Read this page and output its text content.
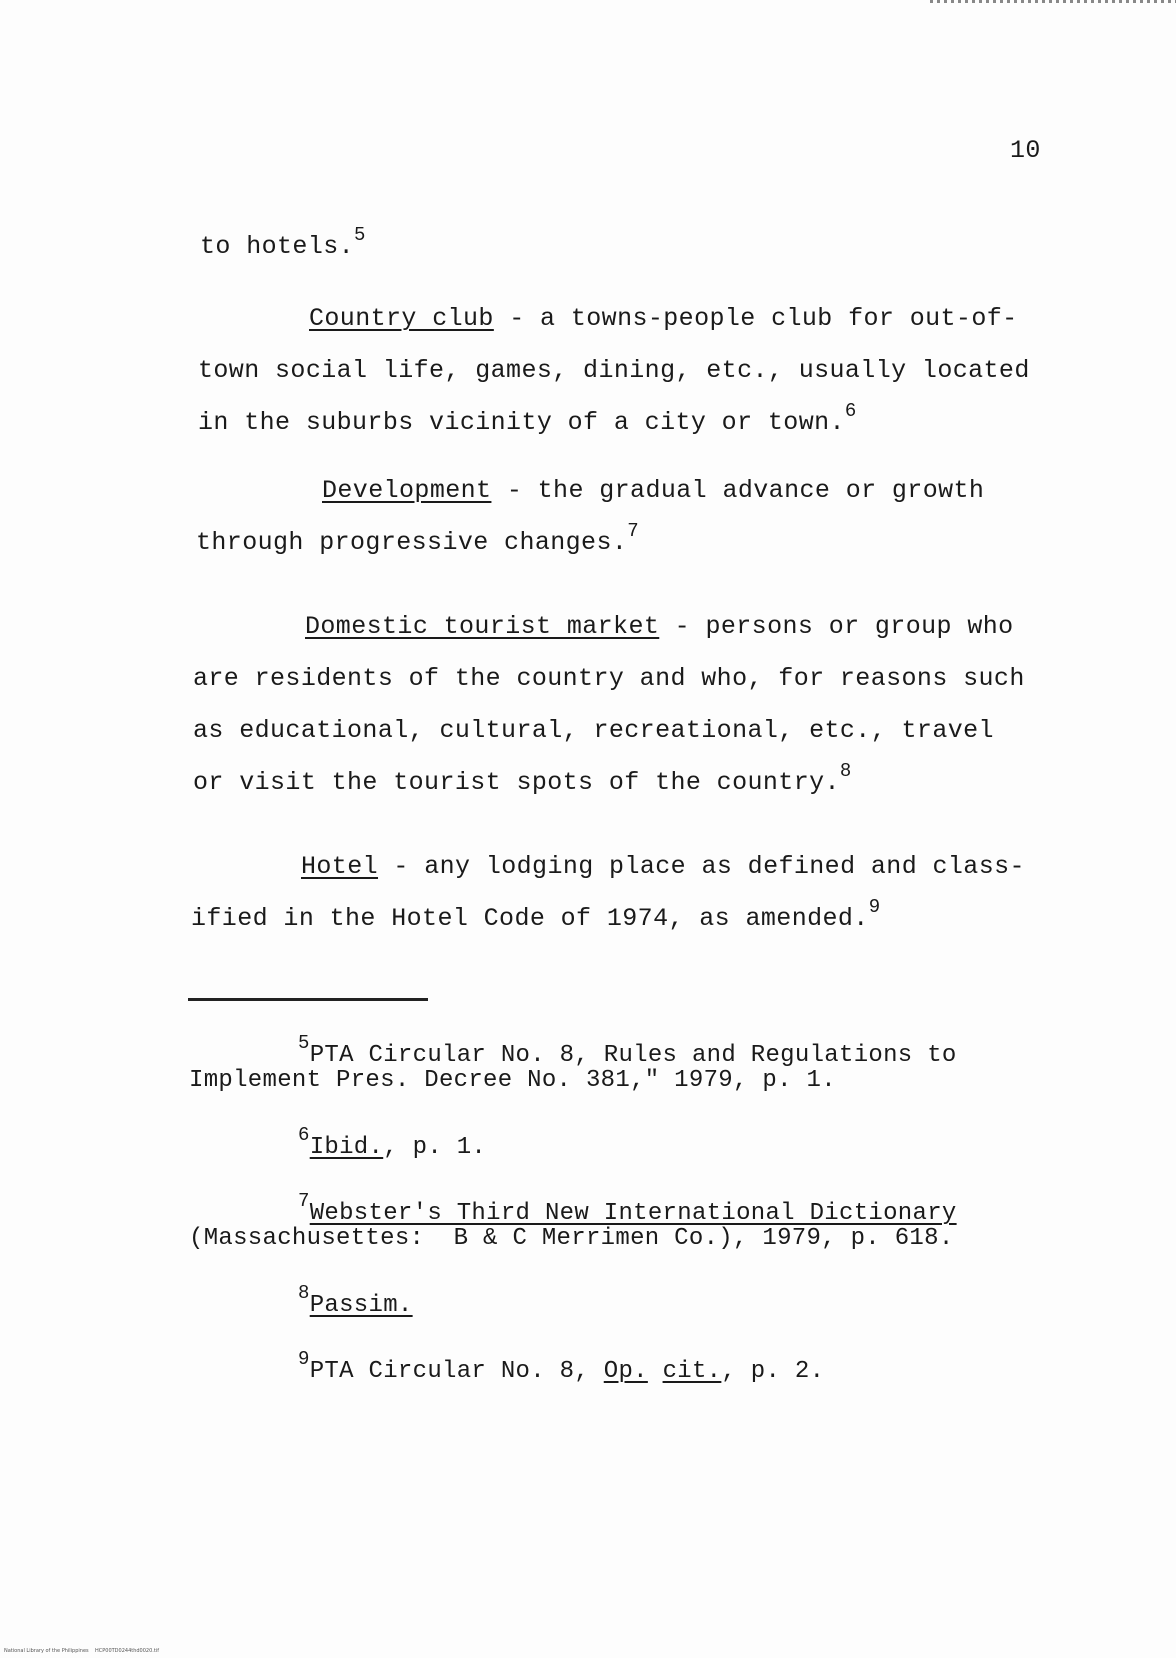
10
to hotels.$^5$
Country club - a towns-people club for out-of-
town social life, games, dining, etc., usually located
in the suburbs vicinity of a city or town.$^6$
Development - the gradual advance or growth
through progressive changes.$^7$
Domestic tourist market - persons or group who
are residents of the country and who, for reasons such
as educational, cultural, recreational, etc., travel
or visit the tourist spots of the country.$^8$
Hotel - any lodging place as defined and class-
ified in the Hotel Code of 1974, as amended.$^9$
$^5$PTA Circular No. 8, Rules and Regulations to
Implement Pres. Decree No. 381," 1979, p. 1.
$^6$Ibid., p. 1.
$^7$Webster's Third New International Dictionary
(Massachusettes:  B & C Merrimen Co.), 1979, p. 618.
$^8$Passim.
$^9$PTA Circular No. 8, Op. cit., p. 2.
National Library of the Philippines    HCP00TD0244thd0020.tif
